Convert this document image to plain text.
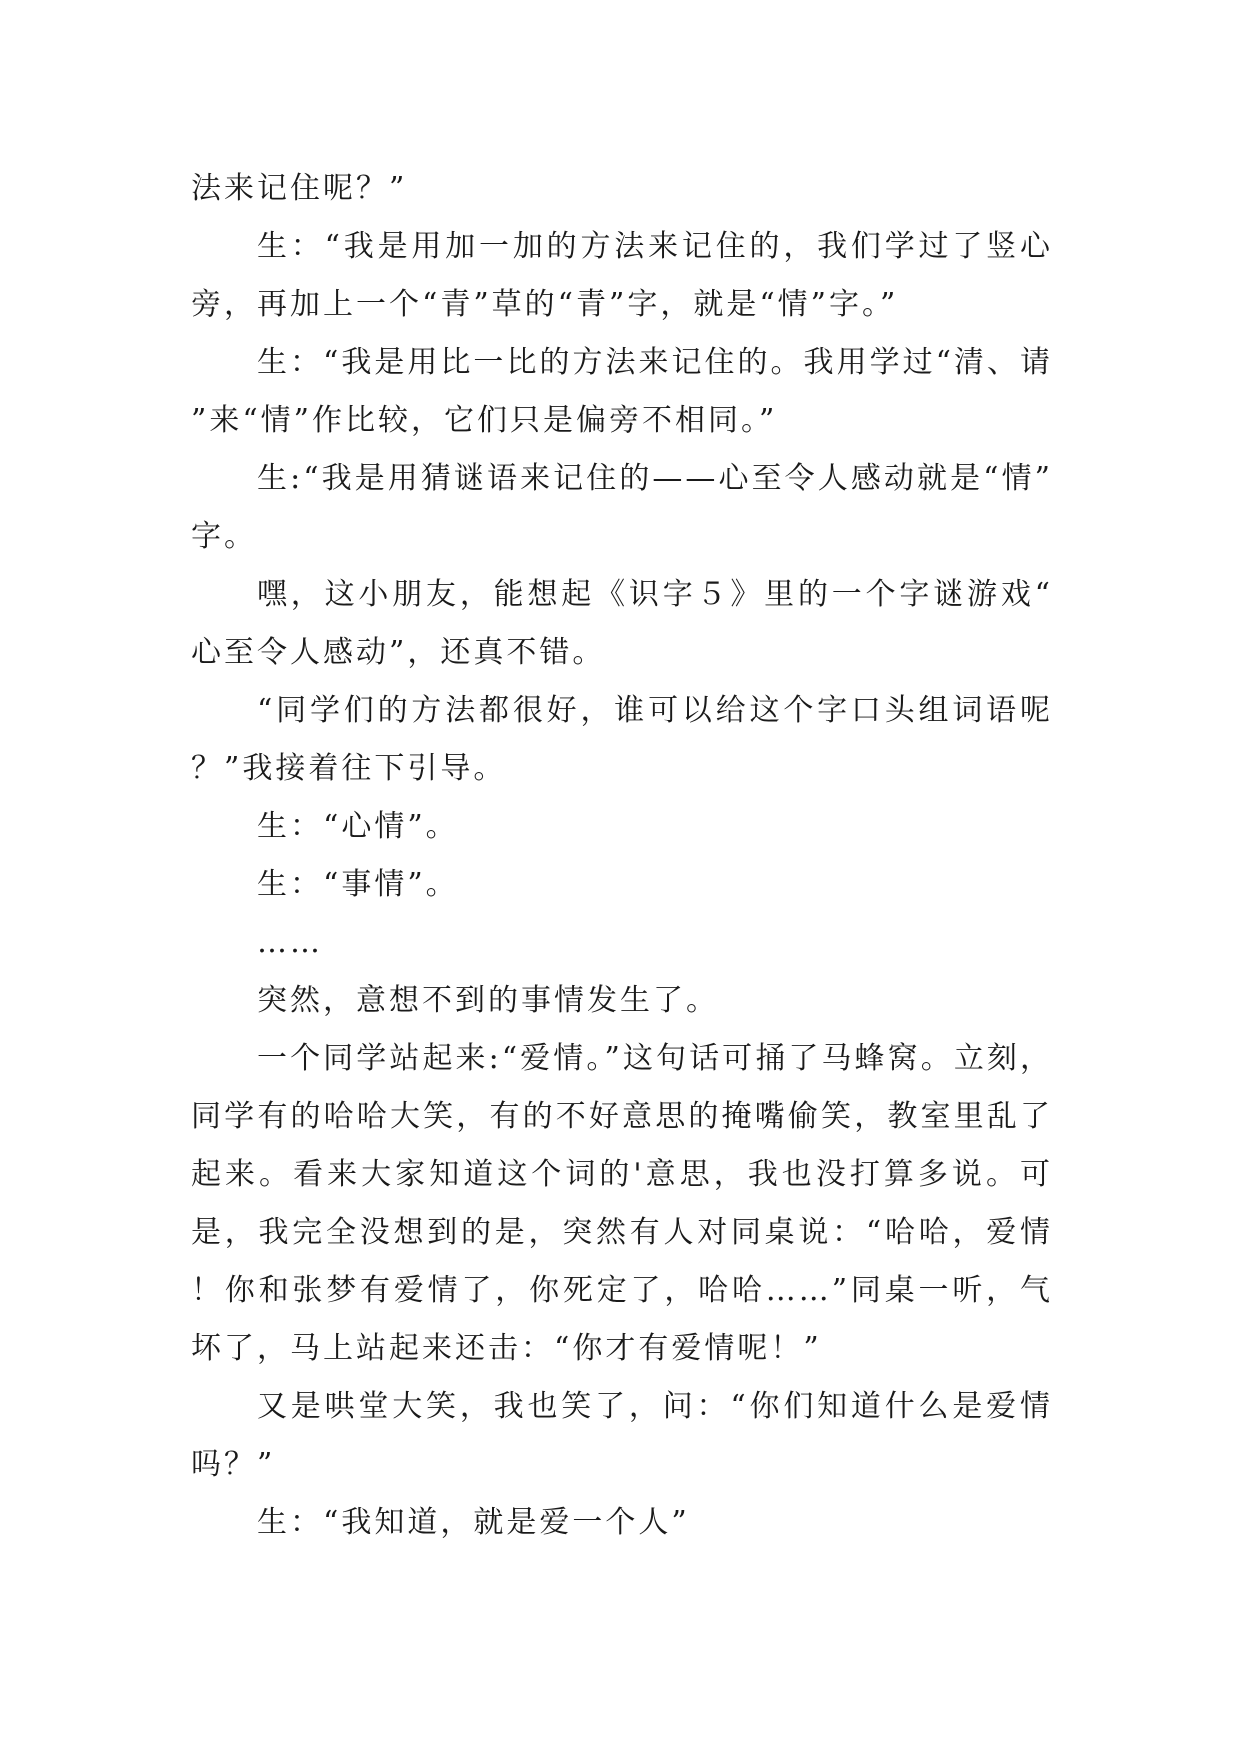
法来记住呢？”

生：“我是用加一加的方法来记住的，我们学过了竖心旁，再加上一个“青”草的“青”字，就是“情”字。”

生：“我是用比一比的方法来记住的。我用学过“清、请”来“情”作比较，它们只是偏旁不相同。”

生:“我是用猜谜语来记住的——心至令人感动就是“情”字。

嘿，这小朋友，能想起《识字５》里的一个字谜游戏“心至令人感动”，还真不错。

“同学们的方法都很好，谁可以给这个字口头组词语呢？”我接着往下引导。

生：“心情”。

生：“事情”。

……

突然，意想不到的事情发生了。

一个同学站起来:“爱情。”这句话可捅了马蜂窝。立刻，同学有的哈哈大笑，有的不好意思的掩嘴偷笑，教室里乱了起来。看来大家知道这个词的'意思，我也没打算多说。可是，我完全没想到的是，突然有人对同桌说：“哈哈，爱情！你和张梦有爱情了，你死定了，哈哈……”同桌一听，气坏了，马上站起来还击：“你才有爱情呢！”

又是哄堂大笑，我也笑了，问：“你们知道什么是爱情吗？”

生：“我知道，就是爱一个人”
